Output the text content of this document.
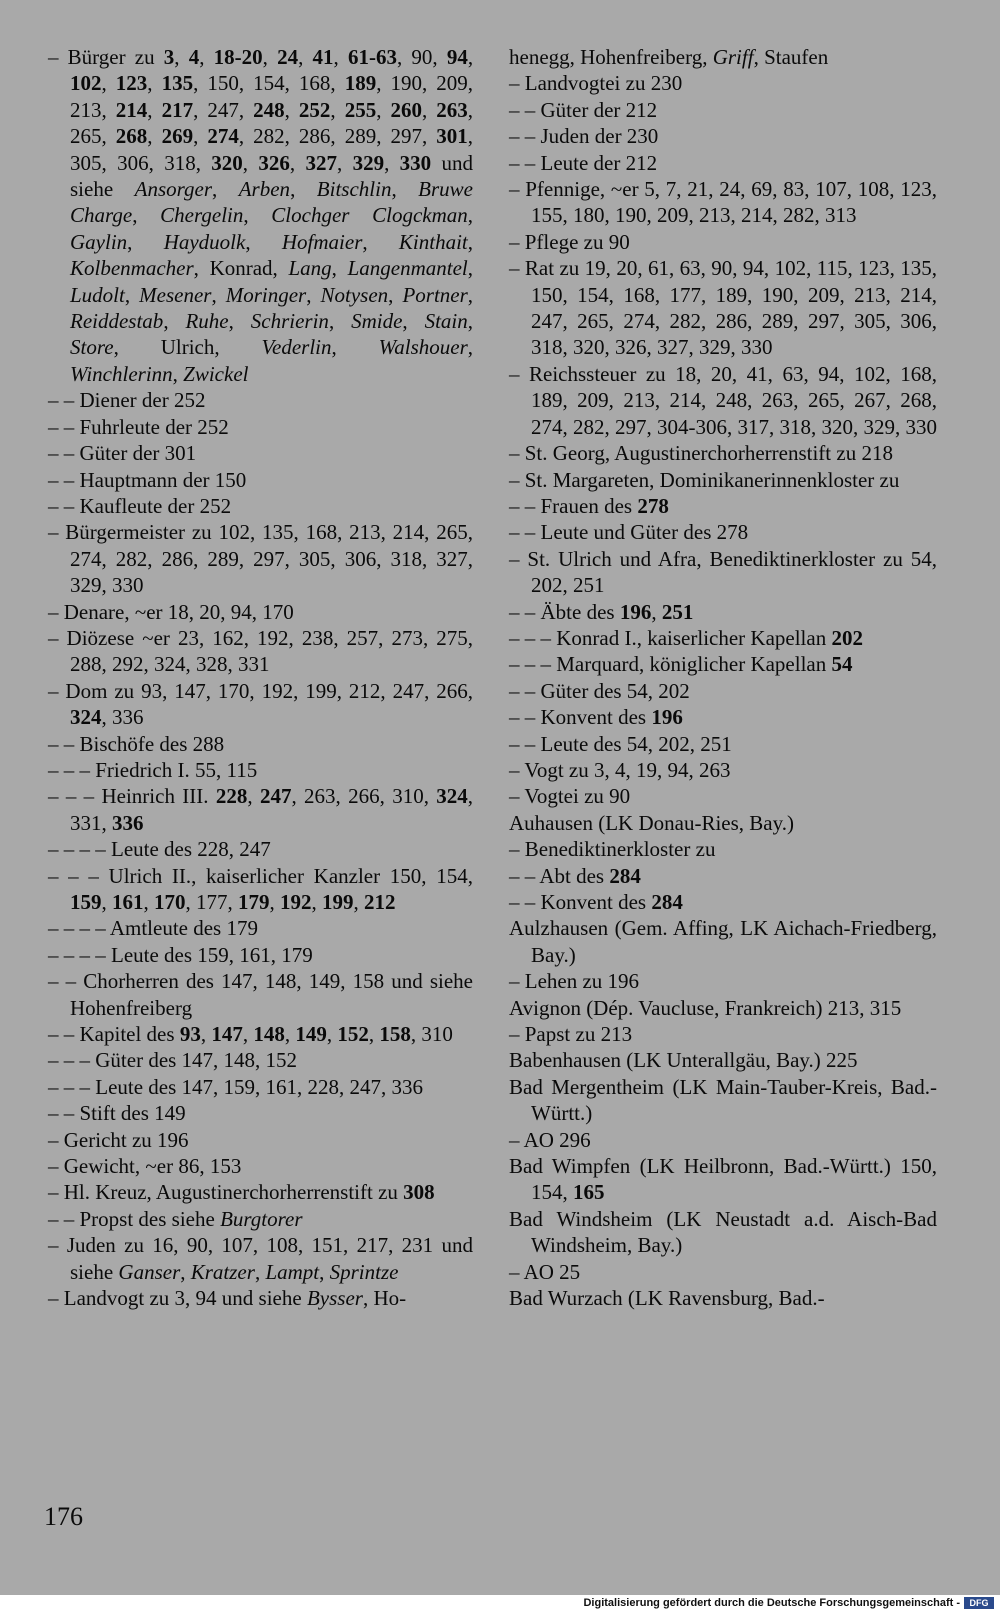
– Bürger zu 3, 4, 18-20, 24, 41, 61-63, 90, 94, 102, 123, 135, 150, 154, 168, 189, 190, 209, 213, 214, 217, 247, 248, 252, 255, 260, 263, 265, 268, 269, 274, 282, 286, 289, 297, 301, 305, 306, 318, 320, 326, 327, 329, 330 und siehe Ansorger, Arben, Bitschlin, Bruwe Charge, Chergelin, Clochger Clogckman, Gaylin, Hayduolk, Hofmaier, Kinthait, Kolbenmacher, Konrad, Lang, Langenmantel, Ludolt, Mesener, Moringer, Notysen, Portner, Reiddestab, Ruhe, Schrierin, Smide, Stain, Store, Ulrich, Vederlin, Walshouer, Winchlerinn, Zwickel

– – Diener der 252

– – Fuhrleute der 252

– – Güter der 301

– – Hauptmann der 150

– – Kaufleute der 252

– Bürgermeister zu 102, 135, 168, 213, 214, 265, 274, 282, 286, 289, 297, 305, 306, 318, 327, 329, 330

– Denare, ~er 18, 20, 94, 170

– Diözese ~er 23, 162, 192, 238, 257, 273, 275, 288, 292, 324, 328, 331

– Dom zu 93, 147, 170, 192, 199, 212, 247, 266, 324, 336

– – Bischöfe des 288

– – – Friedrich I. 55, 115

– – – Heinrich III. 228, 247, 263, 266, 310, 324, 331, 336

– – – – Leute des 228, 247

– – – Ulrich II., kaiserlicher Kanzler 150, 154, 159, 161, 170, 177, 179, 192, 199, 212

– – – – Amtleute des 179

– – – – Leute des 159, 161, 179

– – Chorherren des 147, 148, 149, 158 und siehe Hohenfreiberg

– – Kapitel des 93, 147, 148, 149, 152, 158, 310

– – – Güter des 147, 148, 152

– – – Leute des 147, 159, 161, 228, 247, 336

– – Stift des 149

– Gericht zu 196

– Gewicht, ~er 86, 153

– Hl. Kreuz, Augustinerchorherrenstift zu 308

– – Propst des siehe Burgtorer

– Juden zu 16, 90, 107, 108, 151, 217, 231 und siehe Ganser, Kratzer, Lampt, Sprintze

– Landvogt zu 3, 94 und siehe Bysser, Ho-

henegg, Hohenfreiberg, Griff, Staufen

– Landvogtei zu 230

– – Güter der 212

– – Juden der 230

– – Leute der 212

– Pfennige, ~er 5, 7, 21, 24, 69, 83, 107, 108, 123, 155, 180, 190, 209, 213, 214, 282, 313

– Pflege zu 90

– Rat zu 19, 20, 61, 63, 90, 94, 102, 115, 123, 135, 150, 154, 168, 177, 189, 190, 209, 213, 214, 247, 265, 274, 282, 286, 289, 297, 305, 306, 318, 320, 326, 327, 329, 330

– Reichssteuer zu 18, 20, 41, 63, 94, 102, 168, 189, 209, 213, 214, 248, 263, 265, 267, 268, 274, 282, 297, 304-306, 317, 318, 320, 329, 330

– St. Georg, Augustinerchorherrenstift zu 218

– St. Margareten, Dominikanerinnenkloster zu

– – Frauen des 278

– – Leute und Güter des 278

– St. Ulrich und Afra, Benediktinerkloster zu 54, 202, 251

– – Äbte des 196, 251

– – – Konrad I., kaiserlicher Kapellan 202

– – – Marquard, königlicher Kapellan 54

– – Güter des 54, 202

– – Konvent des 196

– – Leute des 54, 202, 251

– Vogt zu 3, 4, 19, 94, 263

– Vogtei zu 90

Auhausen (LK Donau-Ries, Bay.)

– Benediktinerkloster zu

– – Abt des 284

– – Konvent des 284

Aulzhausen (Gem. Affing, LK Aichach-Friedberg, Bay.)

– Lehen zu 196

Avignon (Dép. Vaucluse, Frankreich) 213, 315

– Papst zu 213

Babenhausen (LK Unterallgäu, Bay.) 225

Bad Mergentheim (LK Main-Tauber-Kreis, Bad.-Württ.)

– AO 296

Bad Wimpfen (LK Heilbronn, Bad.-Württ.) 150, 154, 165

Bad Windsheim (LK Neustadt a.d. Aisch-Bad Windsheim, Bay.)

– AO 25

Bad Wurzach (LK Ravensburg, Bad.-

176
Digitalisierung gefördert durch die Deutsche Forschungsgemeinschaft -	DFG
